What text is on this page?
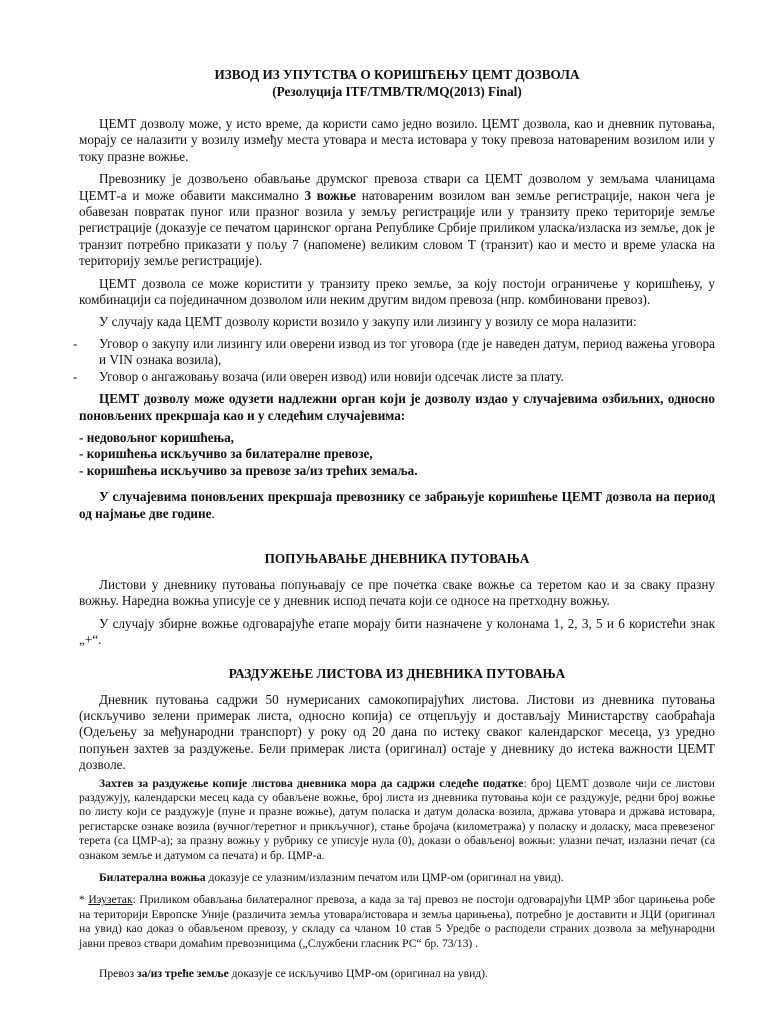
ИЗВОД ИЗ УПУТСТВА О КОРИШЋЕЊУ ЦЕМТ ДОЗВОЛА

(Резолуција ITF/TMB/TR/MQ(2013) Final)

ЦЕМТ дозволу може, у исто време, да користи само једно возило. ЦЕМТ дозвола, као и дневник путовања, морају се налазити у возилу између места утовара и места истовара у току превоза натовареним возилом или у току празне вожње.

Превознику је дозвољено обављање друмског превоза ствари са ЦЕМТ дозволом у земљама чланицама ЦЕМТ-а и може обавити максимално 3 вожње натовареним возилом ван земље регистрације, након чега је обавезан повратак пуног или празног возила у земљу регистрације или у транзиту преко територије земље регистрације (доказује се печатом царинског органа Републике Србије приликом уласка/изласка из земље, док је транзит потребно приказати у пољу 7 (напомене) великим словом Т (транзит) као и место и време уласка на територију земље регистрације).

ЦЕМТ дозвола се може користити у транзиту преко земље, за коју постоји ограничење у коришћењу, у комбинацији са појединачном дозволом или неким другим видом превоза (нпр. комбиновани превоз).

У случају када ЦЕМТ дозволу користи возило у закупу или лизингу у возилу се мора налазити:

- Уговор о закупу или лизингу или оверени извод из тог уговора (где је наведен датум, период важења уговора и VIN ознака возила),
- Уговор о ангажовању возача (или оверен извод) или новији одсечак листе за плату.

ЦЕМТ дозволу може одузети надлежни орган који је дозволу издао у случајевима озбиљних, односно поновљених прекршаја као и у следећим случајевима:

- недовољног коришћења,

- коришћења искључиво за билатералне превозе,

- коришћења искључиво за превозе за/из трећих земаља.

У случајевима поновљених прекршаја превознику се забрањује коришћење ЦЕМТ дозвола на период од најмање две године.

ПОПУЊАВАЊЕ ДНЕВНИКА ПУТОВАЊА

Листови у дневнику путовања попуњавају се пре почетка сваке вожње са теретом као и за сваку празну вожњу. Наредна вожња уписује се у дневник испод печата који се односе на претходну вожњу.

У случају збирне вожње одговарајуће етапе морају бити назначене у колонама 1, 2, 3, 5 и 6 користећи знак „+“.

РАЗДУЖЕЊЕ ЛИСТОВА ИЗ ДНЕВНИКА ПУТОВАЊА

Дневник путовања садржи 50 нумерисаних самокопирајућих листова. Листови из дневника путовања (искључиво зелени примерак листа, односно копија) се отцепљују и достављају Министарству саобраћаја (Одељењу за међународни транспорт) у року од 20 дана по истеку сваког календарског месеца, уз уредно попуњен захтев за раздужење. Бели примерак листа (оригинал) остаје у дневнику до истека важности ЦЕМТ дозволе.

Захтев за раздужење копије листова дневника мора да садржи следеће податке: број ЦЕМТ дозволе чији се листови раздужују, календарски месец када су обављене вожње, број листа из дневника путовања који се раздужује, редни број вожње по листу који се раздужује (пуне и празне вожње), датум поласка и датум доласка возила, држава утовара и држава истовара, регистарске ознаке возила (вучног/теретног и прикључног), стање бројача (километража) у поласку и доласку, маса превезеног терета (са ЦМР-а); за празну вожњу у рубрику се уписује нула (0), докази о обављеној вожњи: улазни печат, излазни печат (са ознаком земље и датумом са печата) и бр. ЦМР-а.

Билатерална вожња доказује се улазним/излазним печатом или ЦМР-ом (оригинал на увид).

* Изузетак: Приликом обављања билатералног превоза, а када за тај превоз не постоји одговарајући ЦМР због царињења робе на територији Европске Уније (различита земља утовара/истовара и земља царињења), потребно је доставити и ЈЦИ (оригинал на увид) као доказ о обављеном превозу, у складу са чланом 10 став 5 Уредбе о расподели страних дозвола за међународни јавни превоз ствари домаћим превозницима („Службени гласник РС“ бр. 73/13) .

Превоз за/из треће земље доказује се искључиво ЦМР-ом (оригинал на увид).
